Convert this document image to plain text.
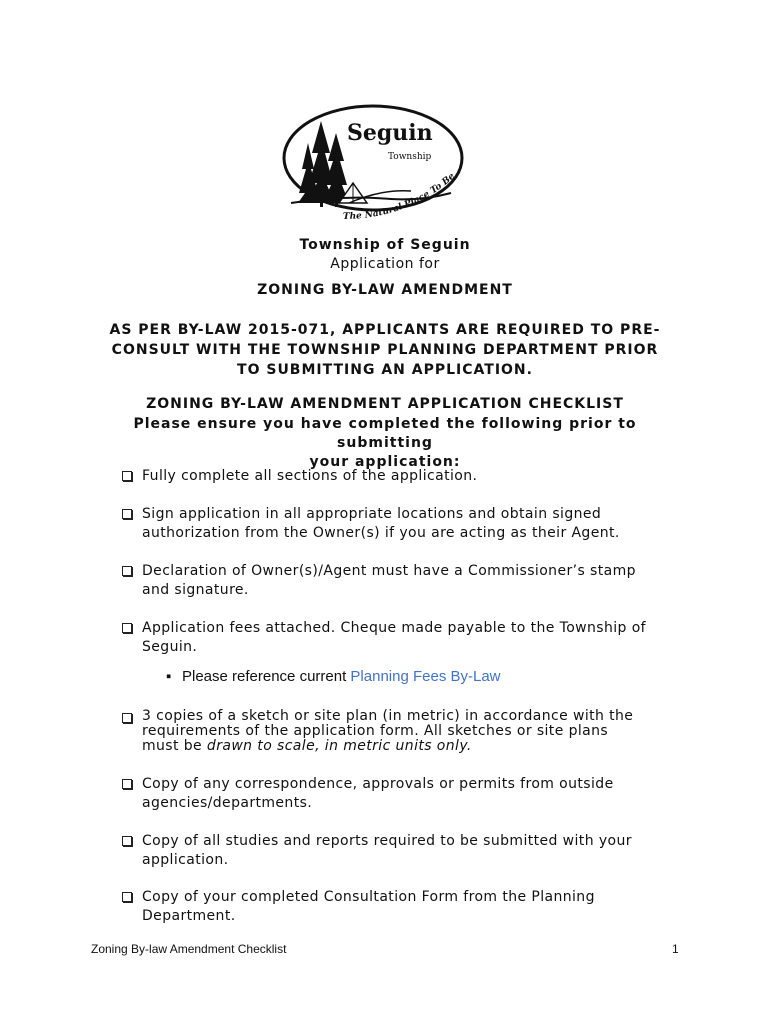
Seguin
Township
The Natural Place To Be
Township of Seguin
Application for
ZONING BY-LAW AMENDMENT
AS PER BY-LAW 2015-071, APPLICANTS ARE REQUIRED TO PRE-
CONSULT WITH THE TOWNSHIP PLANNING DEPARTMENT PRIOR
TO SUBMITTING AN APPLICATION.
ZONING BY-LAW AMENDMENT APPLICATION CHECKLIST
Please ensure you have completed the following prior to submitting
your application:
Fully complete all sections of the application.
Sign application in all appropriate locations and obtain signed
authorization from the Owner(s) if you are acting as their Agent.
Declaration of Owner(s)/Agent must have a Commissioner’s stamp
and signature.
Application fees attached. Cheque made payable to the Township of
Seguin.
▪ Please reference current Planning Fees By-Law
3 copies of a sketch or site plan (in metric) in accordance with the
requirements of the application form. All sketches or site plans
must be drawn to scale, in metric units only.
Copy of any correspondence, approvals or permits from outside
agencies/departments.
Copy of all studies and reports required to be submitted with your
application.
Copy of your completed Consultation Form from the Planning
Department.
Zoning By-law Amendment Checklist	1
